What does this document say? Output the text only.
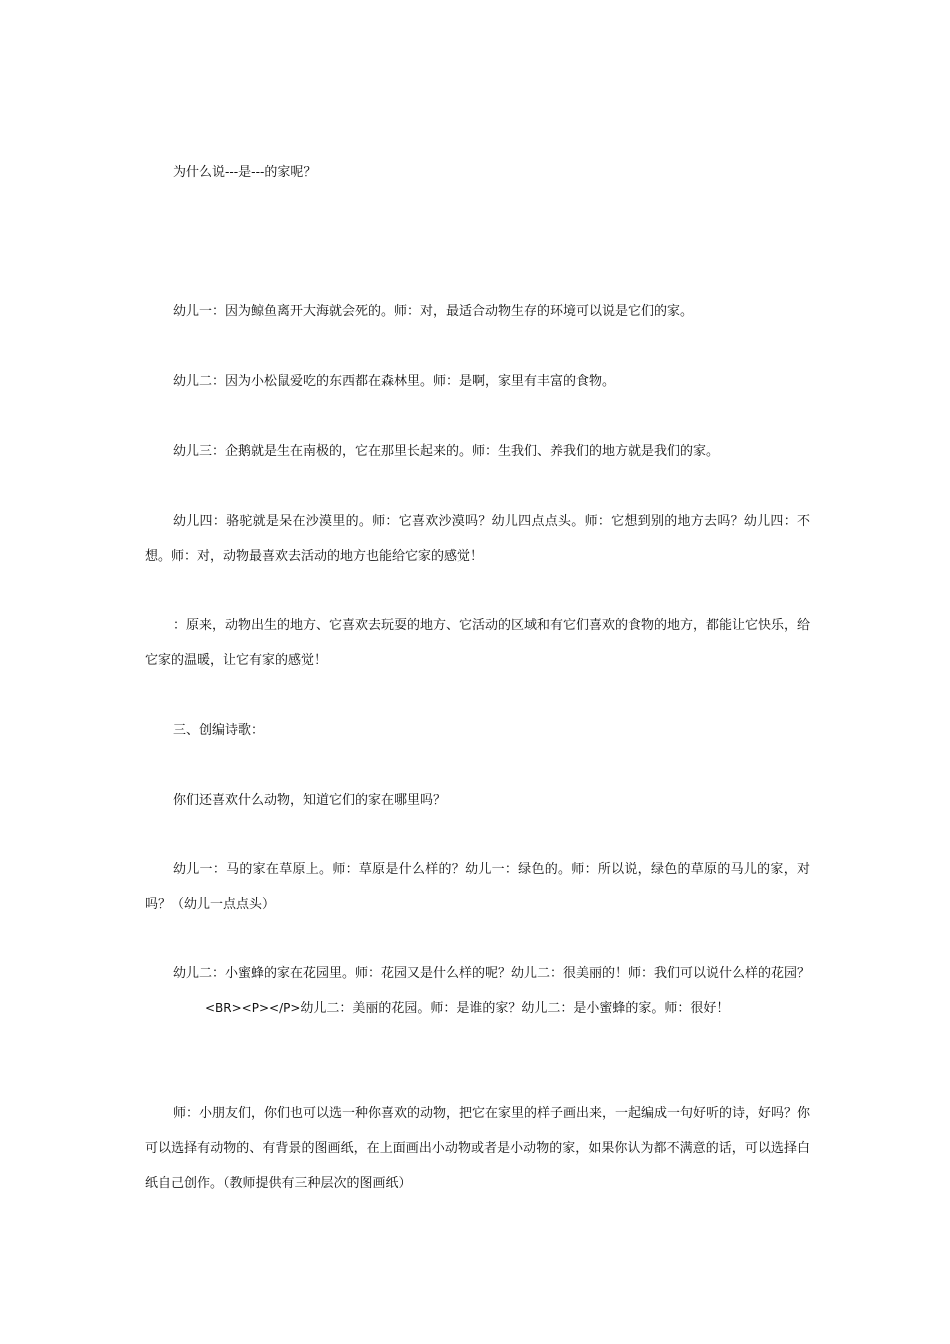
为什么说---是---的家呢？

幼儿一：因为鲸鱼离开大海就会死的。师：对，最适合动物生存的环境可以说是它们的家。

幼儿二：因为小松鼠爱吃的东西都在森林里。师：是啊，家里有丰富的食物。

幼儿三：企鹅就是生在南极的，它在那里长起来的。师：生我们、养我们的地方就是我们的家。

幼儿四：骆驼就是呆在沙漠里的。师：它喜欢沙漠吗？幼儿四点点头。师：它想到别的地方去吗？幼儿四：不想。师：对，动物最喜欢去活动的地方也能给它家的感觉！

：原来，动物出生的地方、它喜欢去玩耍的地方、它活动的区域和有它们喜欢的食物的地方，都能让它快乐，给它家的温暖，让它有家的感觉！

三、创编诗歌：

你们还喜欢什么动物，知道它们的家在哪里吗？

幼儿一：马的家在草原上。师：草原是什么样的？幼儿一：绿色的。师：所以说，绿色的草原的马儿的家，对吗？（幼儿一点点头）

幼儿二：小蜜蜂的家在花园里。师：花园又是什么样的呢？幼儿二：很美丽的！师：我们可以说什么样的花园？<BR><P></P>幼儿二：美丽的花园。师：是谁的家？幼儿二：是小蜜蜂的家。师：很好！

师：小朋友们，你们也可以选一种你喜欢的动物，把它在家里的样子画出来，一起编成一句好听的诗，好吗？你可以选择有动物的、有背景的图画纸，在上面画出小动物或者是小动物的家，如果你认为都不满意的话，可以选择白纸自己创作。（教师提供有三种层次的图画纸）
